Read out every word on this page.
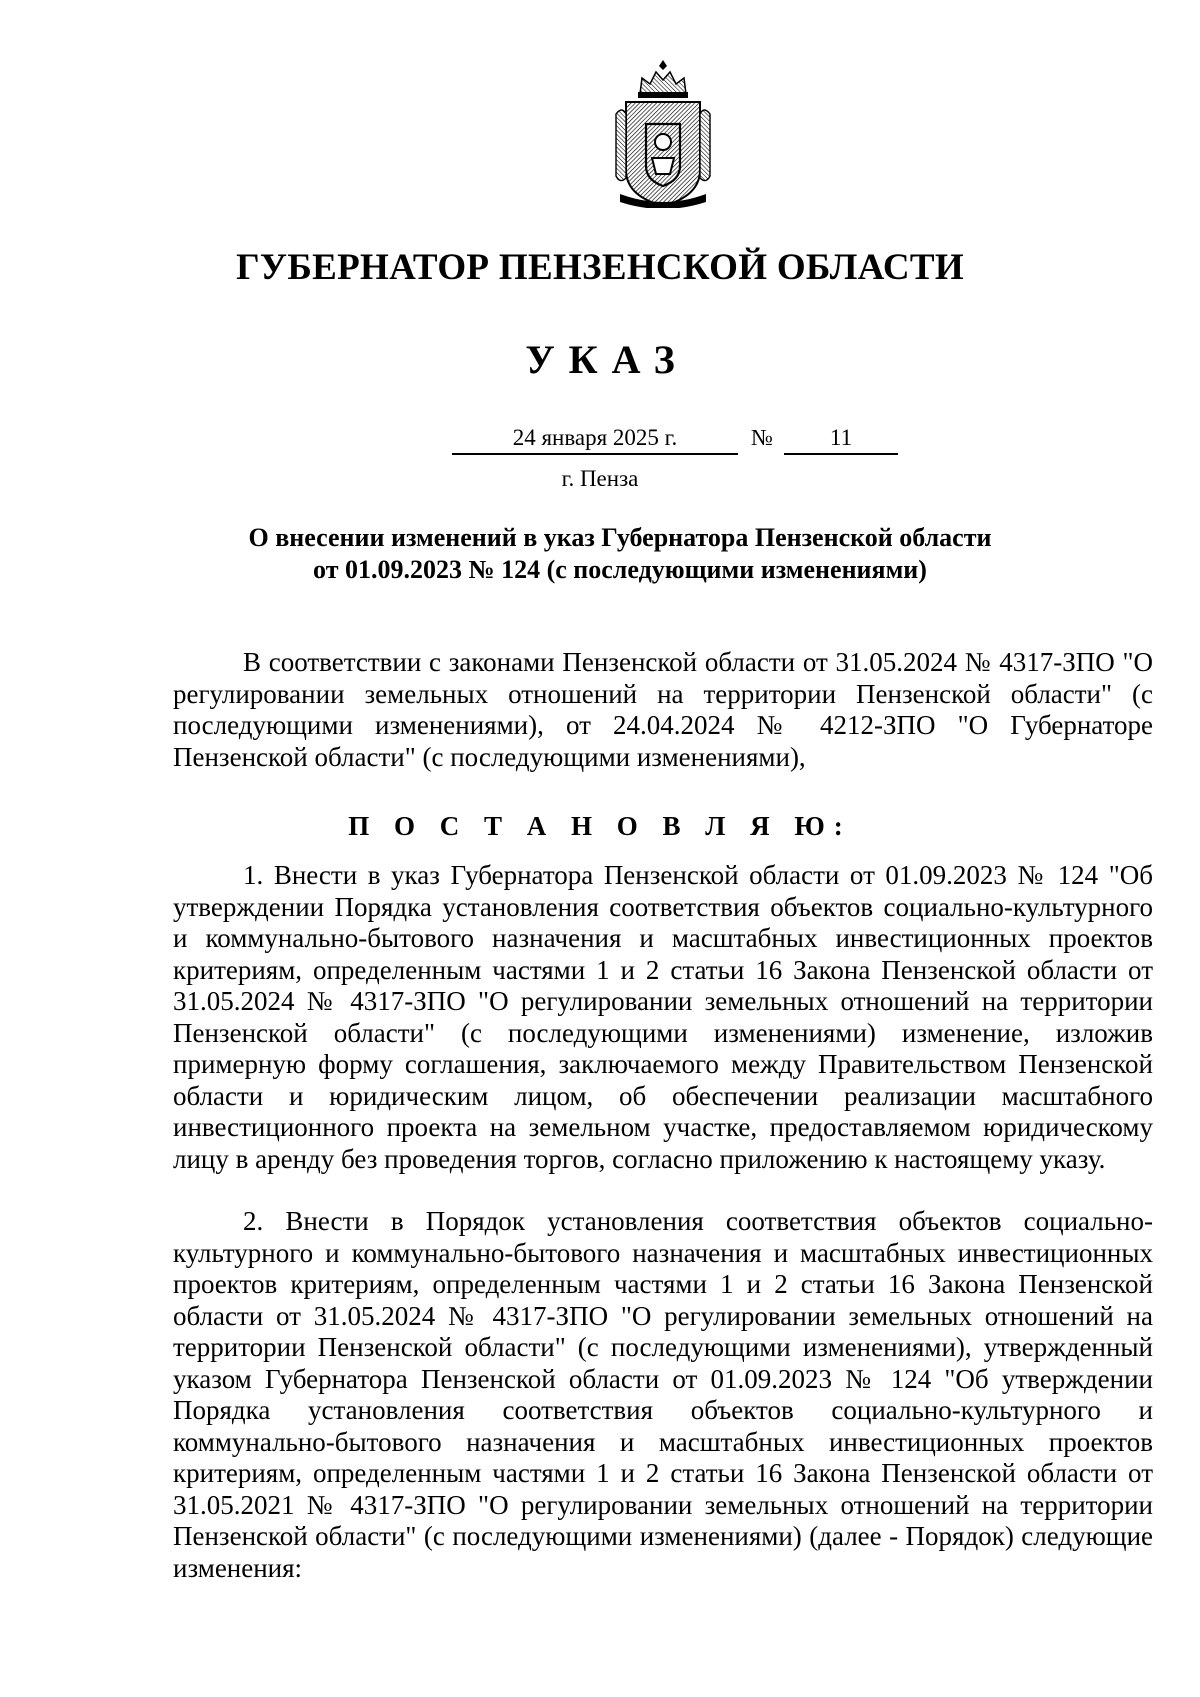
ГУБЕРНАТОР ПЕНЗЕНСКОЙ ОБЛАСТИ
УКАЗ
24 января 2025 г.	№	11
г. Пенза
О внесении изменений в указ Губернатора Пензенской области
от 01.09.2023 № 124 (с последующими изменениями)

В соответствии с законами Пензенской области от 31.05.2024 № 4317-ЗПО "О регулировании земельных отношений на территории Пензенской области" (с последующими изменениями), от 24.04.2024 № 4212-ЗПО "О Губернаторе Пензенской области" (с последующими изменениями),

П О С Т А Н О В Л Я Ю:

1. Внести в указ Губернатора Пензенской области от 01.09.2023 № 124 "Об утверждении Порядка установления соответствия объектов социально-культурного и коммунально-бытового назначения и масштабных инвестиционных проектов критериям, определенным частями 1 и 2 статьи 16 Закона Пензенской области от 31.05.2024 № 4317-ЗПО "О регулировании земельных отношений на территории Пензенской области" (с последующими изменениями) изменение, изложив примерную форму соглашения, заключаемого между Правительством Пензенской области и юридическим лицом, об обеспечении реализации масштабного инвестиционного проекта на земельном участке, предоставляемом юридическому лицу в аренду без проведения торгов, согласно приложению к настоящему указу.

2. Внести в Порядок установления соответствия объектов социально-культурного и коммунально-бытового назначения и масштабных инвестиционных проектов критериям, определенным частями 1 и 2 статьи 16 Закона Пензенской области от 31.05.2024 № 4317-ЗПО "О регулировании земельных отношений на территории Пензенской области" (с последующими изменениями), утвержденный указом Губернатора Пензенской области от 01.09.2023 № 124 "Об утверждении Порядка установления соответствия объектов социально-культурного и коммунально-бытового назначения и масштабных инвестиционных проектов критериям, определенным частями 1 и 2 статьи 16 Закона Пензенской области от 31.05.2021 № 4317-ЗПО "О регулировании земельных отношений на территории Пензенской области" (с последующими изменениями) (далее - Порядок) следующие изменения:
